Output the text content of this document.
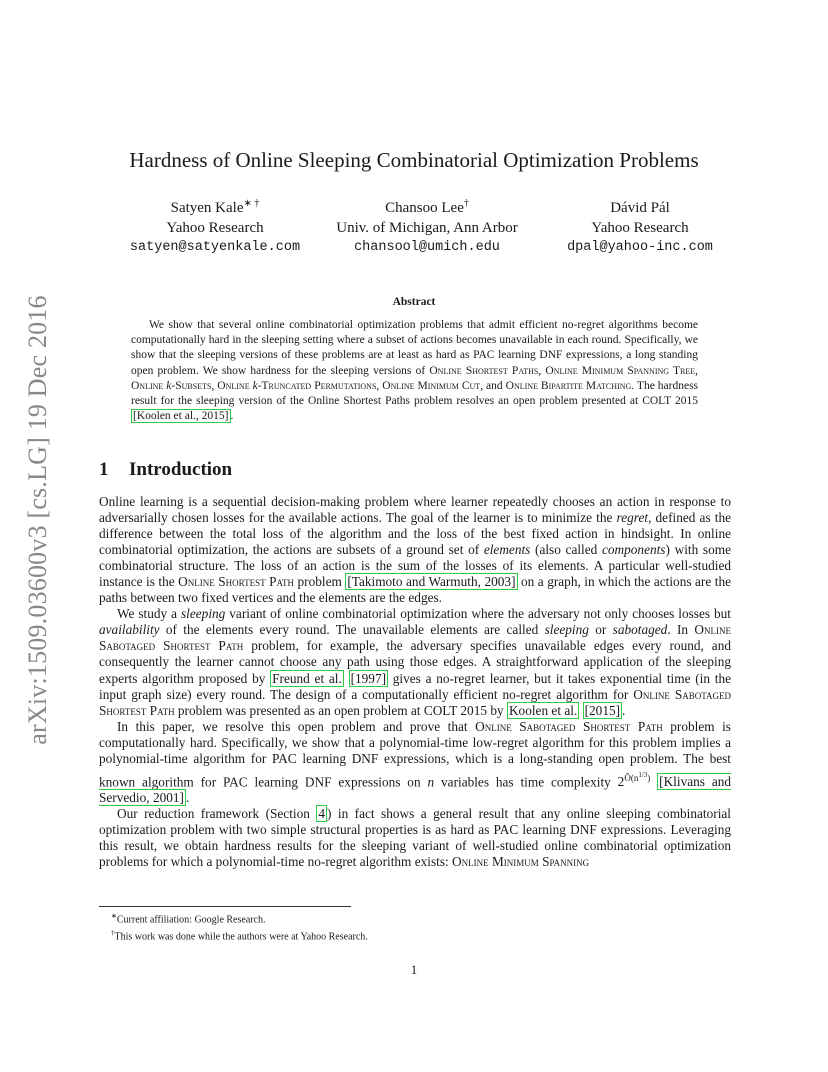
arXiv:1509.03600v3 [cs.LG] 19 Dec 2016
Hardness of Online Sleeping Combinatorial Optimization Problems
Satyen Kale∗ †
Yahoo Research
satyen@satyenkale.com
Chansoo Lee†
Univ. of Michigan, Ann Arbor
chansool@umich.edu
Dávid Pál
Yahoo Research
dpal@yahoo-inc.com
Abstract

We show that several online combinatorial optimization problems that admit efficient no-regret algorithms become computationally hard in the sleeping setting where a subset of actions becomes unavailable in each round. Specifically, we show that the sleeping versions of these problems are at least as hard as PAC learning DNF expressions, a long standing open problem. We show hardness for the sleeping versions of Online Shortest Paths, Online Minimum Spanning Tree, Online k-Subsets, Online k-Truncated Permutations, Online Minimum Cut, and Online Bipartite Matching. The hardness result for the sleeping version of the Online Shortest Paths problem resolves an open problem presented at COLT 2015 [Koolen et al., 2015] .

1 Introduction

Online learning is a sequential decision-making problem where learner repeatedly chooses an action in response to adversarially chosen losses for the available actions. The goal of the learner is to minimize the regret, defined as the difference between the total loss of the algorithm and the loss of the best fixed action in hindsight. In online combinatorial optimization, the actions are subsets of a ground set of elements (also called components) with some combinatorial structure. The loss of an action is the sum of the losses of its elements. A particular well-studied instance is the Online Shortest Path problem [Takimoto and Warmuth, 2003] on a graph, in which the actions are the paths between two fixed vertices and the elements are the edges.

We study a sleeping variant of online combinatorial optimization where the adversary not only chooses losses but availability of the elements every round. The unavailable elements are called sleeping or sabotaged. In Online Sabotaged Shortest Path problem, for example, the adversary specifies unavailable edges every round, and consequently the learner cannot choose any path using those edges. A straightforward application of the sleeping experts algorithm proposed by Freund et al. [1997] gives a no-regret learner, but it takes exponential time (in the input graph size) every round. The design of a computationally efficient no-regret algorithm for Online Sabotaged Shortest Path problem was presented as an open problem at COLT 2015 by Koolen et al. [2015] .

In this paper, we resolve this open problem and prove that Online Sabotaged Shortest Path problem is computationally hard. Specifically, we show that a polynomial-time low-regret algorithm for this problem implies a polynomial-time algorithm for PAC learning DNF expressions, which is a long-standing open problem. The best known algorithm for PAC learning DNF expressions on n variables has time complexity $2^{Õ(n^{1/3})}$ [Klivans and Servedio, 2001] .

Our reduction framework (Section 4 ) in fact shows a general result that any online sleeping combinatorial optimization problem with two simple structural properties is as hard as PAC learning DNF expressions. Leveraging this result, we obtain hardness results for the sleeping variant of well-studied online combinatorial optimization problems for which a polynomial-time no-regret algorithm exists: Online Minimum Spanning

∗Current affiliation: Google Research.
†This work was done while the authors were at Yahoo Research.
1
